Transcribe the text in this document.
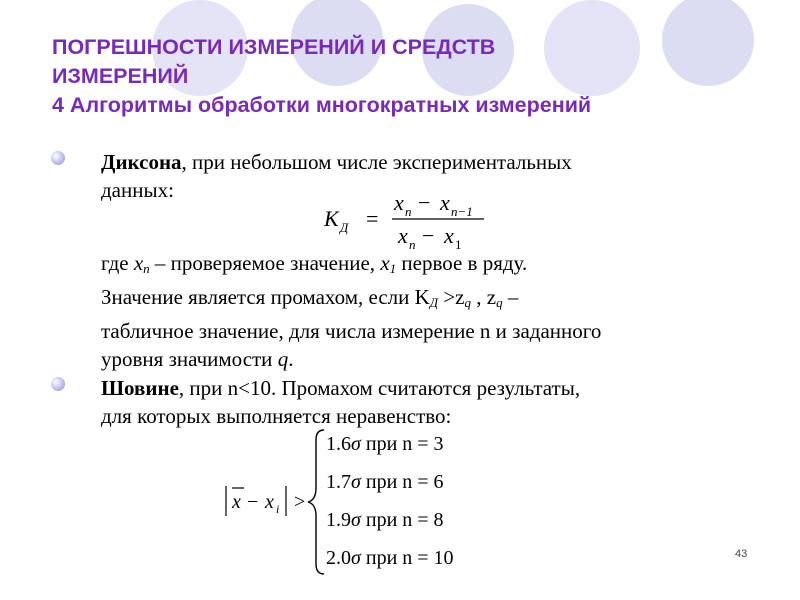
ПОГРЕШНОСТИ ИЗМЕРЕНИЙ И СРЕДСТВ
ИЗМЕРЕНИЙ
4 Алгоритмы обработки многократных измерений
Диксона, при небольшом числе экспериментальных
данных:
K Д =
x n − x n−1
x n − x 1
где $x_n$ – проверяемое значение, $x_1$ первое в ряду.
Значение является промахом, если $K_Д >z_q$ , $z_q$ –
табличное значение, для числа измерение n и заданного
уровня значимости q.
Шовине, при n<10. Промахом считаются результаты,
для которых выполняется неравенство:
x − x i >
1.6σ при n = 3
1.7σ при n = 6
1.9σ при n = 8
2.0σ при n = 10	43
